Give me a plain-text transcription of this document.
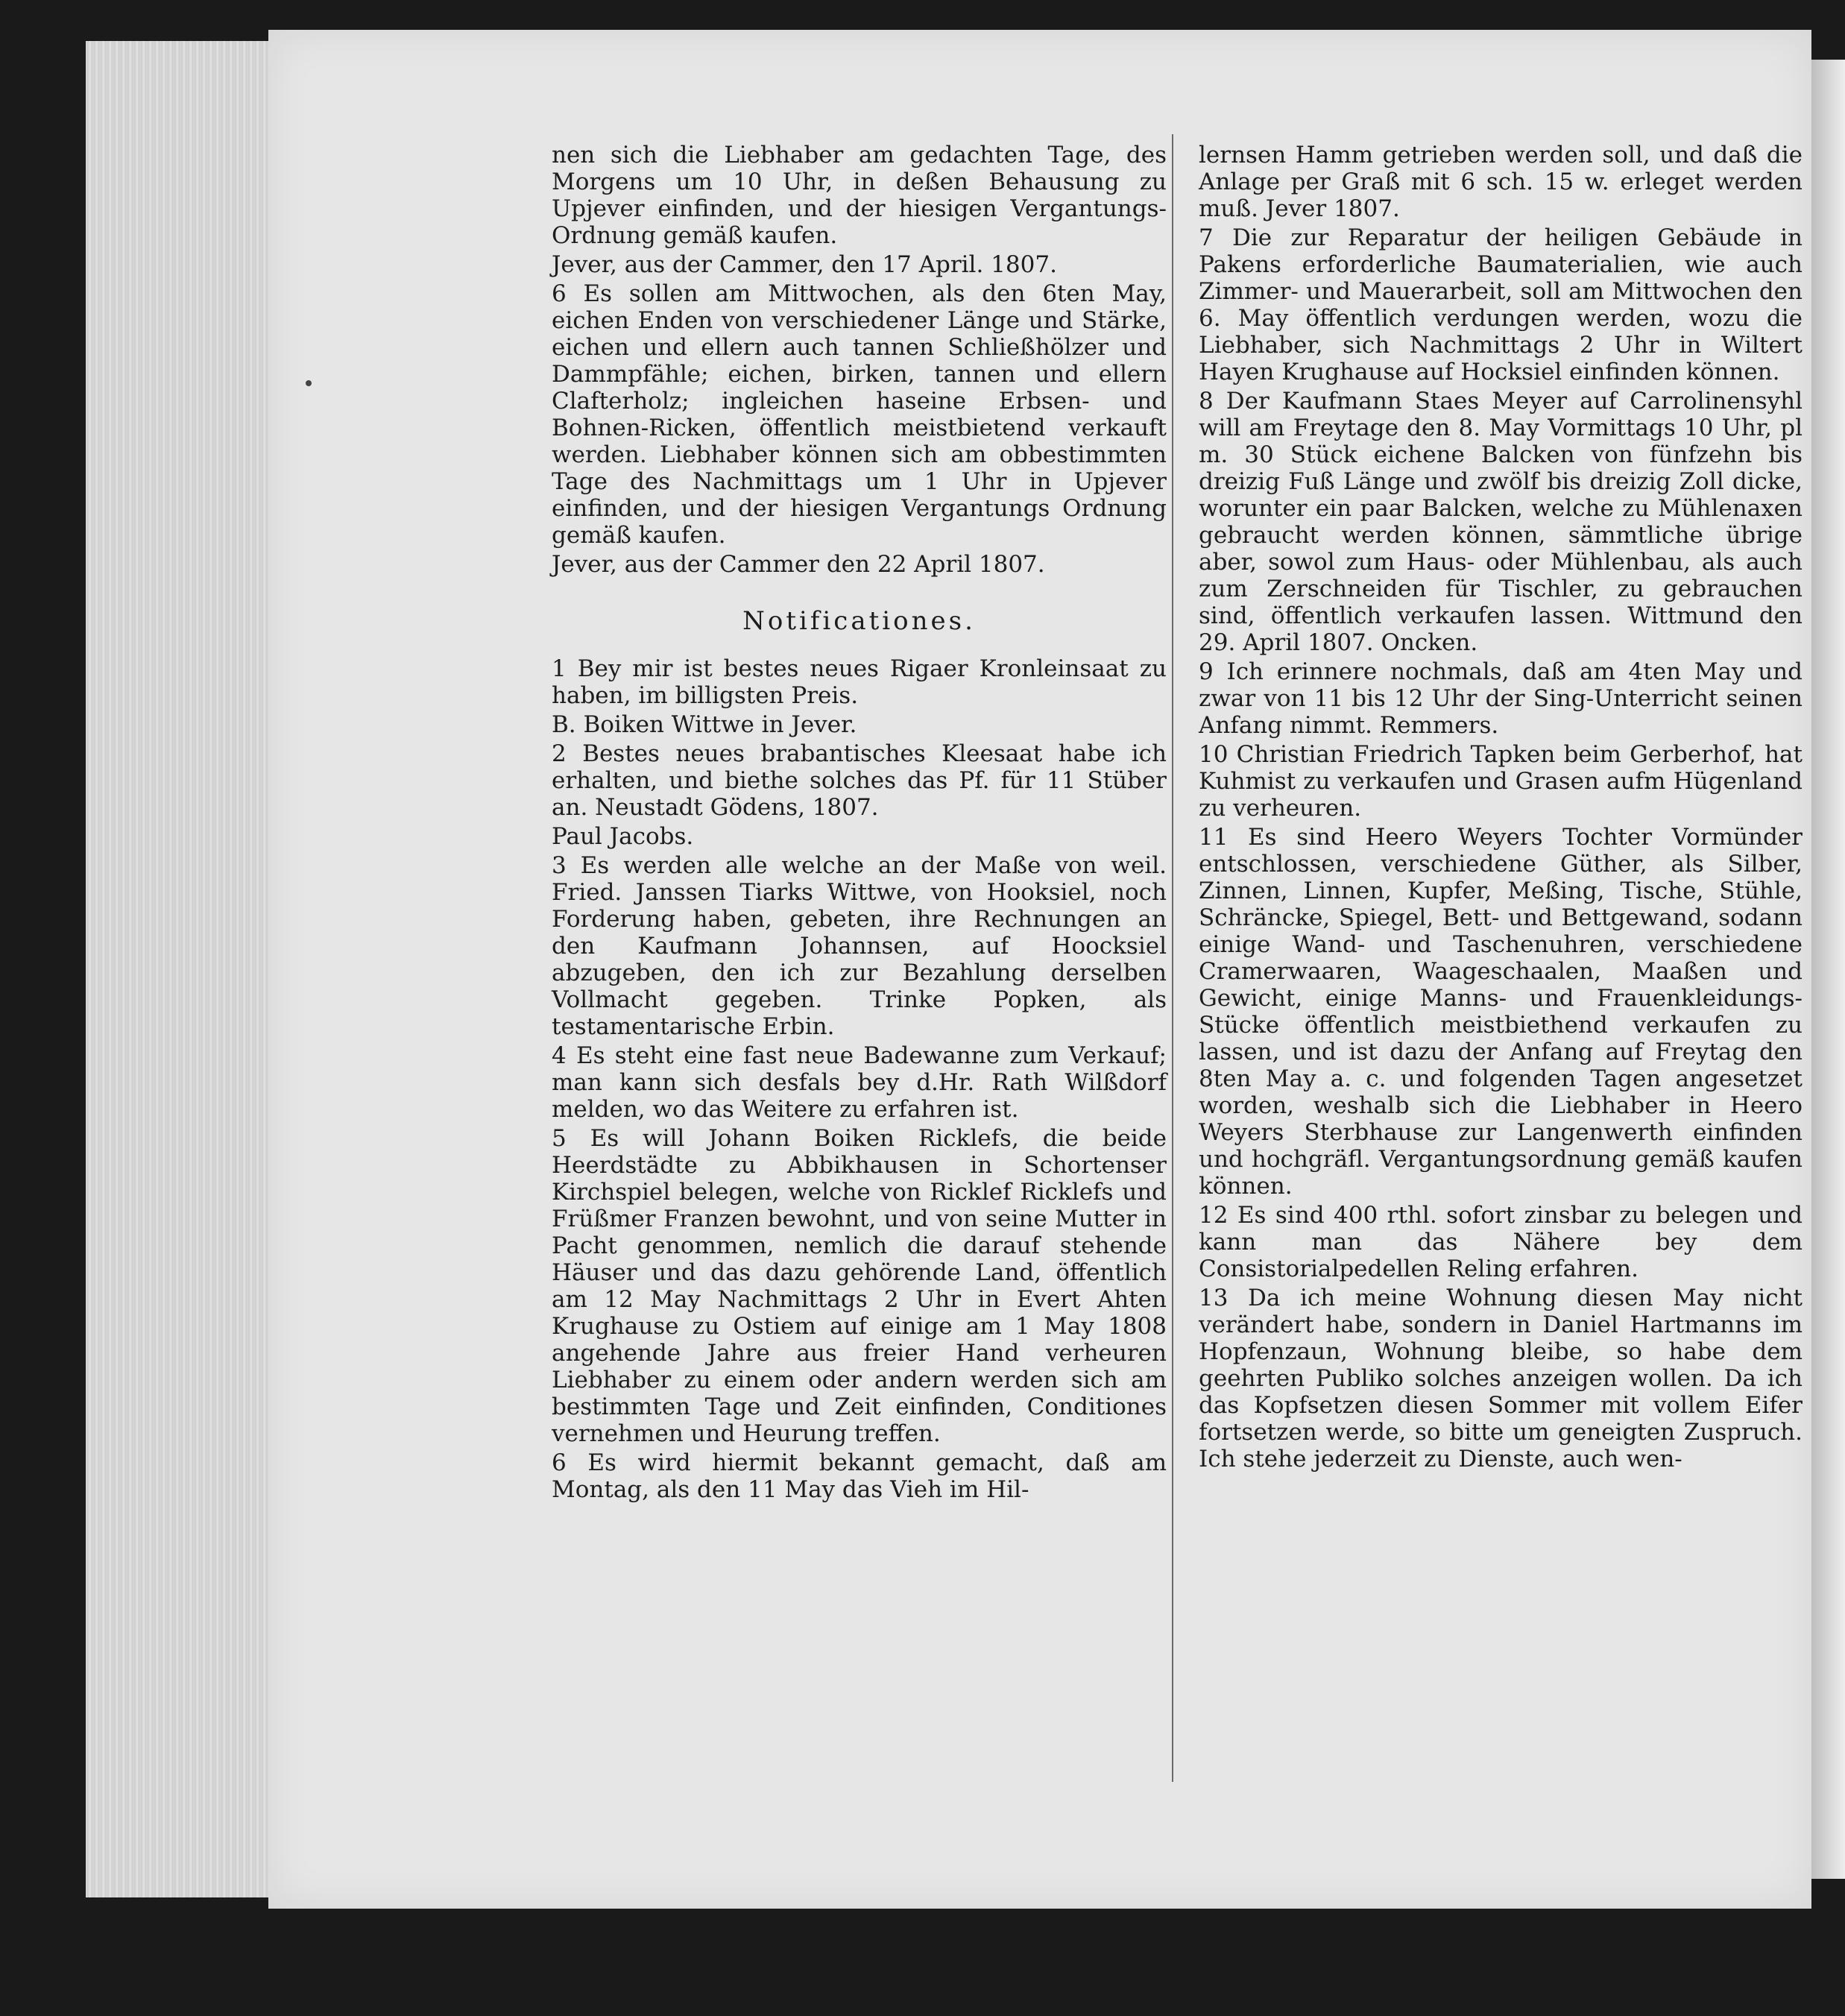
nen sich die Liebhaber am gedachten Tage, des Morgens um 10 Uhr, in deßen Behausung zu Upjever einfinden, und der hiesigen Vergantungs-Ordnung gemäß kaufen.

Jever, aus der Cammer, den 17 April. 1807.

6 Es sollen am Mittwochen, als den 6ten May, eichen Enden von verschiedener Länge und Stärke, eichen und ellern auch tannen Schließhölzer und Dammpfähle; eichen, birken, tannen und ellern Clafterholz; ingleichen haseine Erbsen- und Bohnen-Ricken, öffentlich meistbietend verkauft werden. Liebhaber können sich am obbestimmten Tage des Nachmittags um 1 Uhr in Upjever einfinden, und der hiesigen Vergantungs Ordnung gemäß kaufen.

Jever, aus der Cammer den 22 April 1807.

Notificationes.

1 Bey mir ist bestes neues Rigaer Kronleinsaat zu haben, im billigsten Preis.

B. Boiken Wittwe in Jever.

2 Bestes neues brabantisches Kleesaat habe ich erhalten, und biethe solches das Pf. für 11 Stüber an. Neustadt Gödens, 1807.

Paul Jacobs.

3 Es werden alle welche an der Maße von weil. Fried. Janssen Tiarks Wittwe, von Hooksiel, noch Forderung haben, gebeten, ihre Rechnungen an den Kaufmann Johannsen, auf Hoocksiel abzugeben, den ich zur Bezahlung derselben Vollmacht gegeben. Trinke Popken, als testamentarische Erbin.

4 Es steht eine fast neue Badewanne zum Verkauf; man kann sich desfals bey d.Hr. Rath Wilßdorf melden, wo das Weitere zu erfahren ist.

5 Es will Johann Boiken Ricklefs, die beide Heerdstädte zu Abbikhausen in Schortenser Kirchspiel belegen, welche von Ricklef Ricklefs und Früßmer Franzen bewohnt, und von seine Mutter in Pacht genommen, nemlich die darauf stehende Häuser und das dazu gehörende Land, öffentlich am 12 May Nachmittags 2 Uhr in Evert Ahten Krughause zu Ostiem auf einige am 1 May 1808 angehende Jahre aus freier Hand verheuren Liebhaber zu einem oder andern werden sich am bestimmten Tage und Zeit einfinden, Conditiones vernehmen und Heurung treffen.

6 Es wird hiermit bekannt gemacht, daß am Montag, als den 11 May das Vieh im Hil-

lernsen Hamm getrieben werden soll, und daß die Anlage per Graß mit 6 sch. 15 w. erleget werden muß. Jever 1807.

7 Die zur Reparatur der heiligen Gebäude in Pakens erforderliche Baumaterialien, wie auch Zimmer- und Mauerarbeit, soll am Mittwochen den 6. May öffentlich verdungen werden, wozu die Liebhaber, sich Nachmittags 2 Uhr in Wiltert Hayen Krughause auf Hocksiel einfinden können.

8 Der Kaufmann Staes Meyer auf Carrolinensyhl will am Freytage den 8. May Vormittags 10 Uhr, pl m. 30 Stück eichene Balcken von fünfzehn bis dreizig Fuß Länge und zwölf bis dreizig Zoll dicke, worunter ein paar Balcken, welche zu Mühlenaxen gebraucht werden können, sämmtliche übrige aber, sowol zum Haus- oder Mühlenbau, als auch zum Zerschneiden für Tischler, zu gebrauchen sind, öffentlich verkaufen lassen. Wittmund den 29. April 1807. Oncken.

9 Ich erinnere nochmals, daß am 4ten May und zwar von 11 bis 12 Uhr der Sing-Unterricht seinen Anfang nimmt. Remmers.

10 Christian Friedrich Tapken beim Gerberhof, hat Kuhmist zu verkaufen und Grasen aufm Hügenland zu verheuren.

11 Es sind Heero Weyers Tochter Vormünder entschlossen, verschiedene Güther, als Silber, Zinnen, Linnen, Kupfer, Meßing, Tische, Stühle, Schräncke, Spiegel, Bett- und Bettgewand, sodann einige Wand- und Taschenuhren, verschiedene Cramerwaaren, Waageschaalen, Maaßen und Gewicht, einige Manns- und Frauenkleidungs-Stücke öffentlich meistbiethend verkaufen zu lassen, und ist dazu der Anfang auf Freytag den 8ten May a. c. und folgenden Tagen angesetzet worden, weshalb sich die Liebhaber in Heero Weyers Sterbhause zur Langenwerth einfinden und hochgräfl. Vergantungsordnung gemäß kaufen können.

12 Es sind 400 rthl. sofort zinsbar zu belegen und kann man das Nähere bey dem Consistorialpedellen Reling erfahren.

13 Da ich meine Wohnung diesen May nicht verändert habe, sondern in Daniel Hartmanns im Hopfenzaun, Wohnung bleibe, so habe dem geehrten Publiko solches anzeigen wollen. Da ich das Kopfsetzen diesen Sommer mit vollem Eifer fortsetzen werde, so bitte um geneigten Zuspruch. Ich stehe jederzeit zu Dienste, auch wen-
